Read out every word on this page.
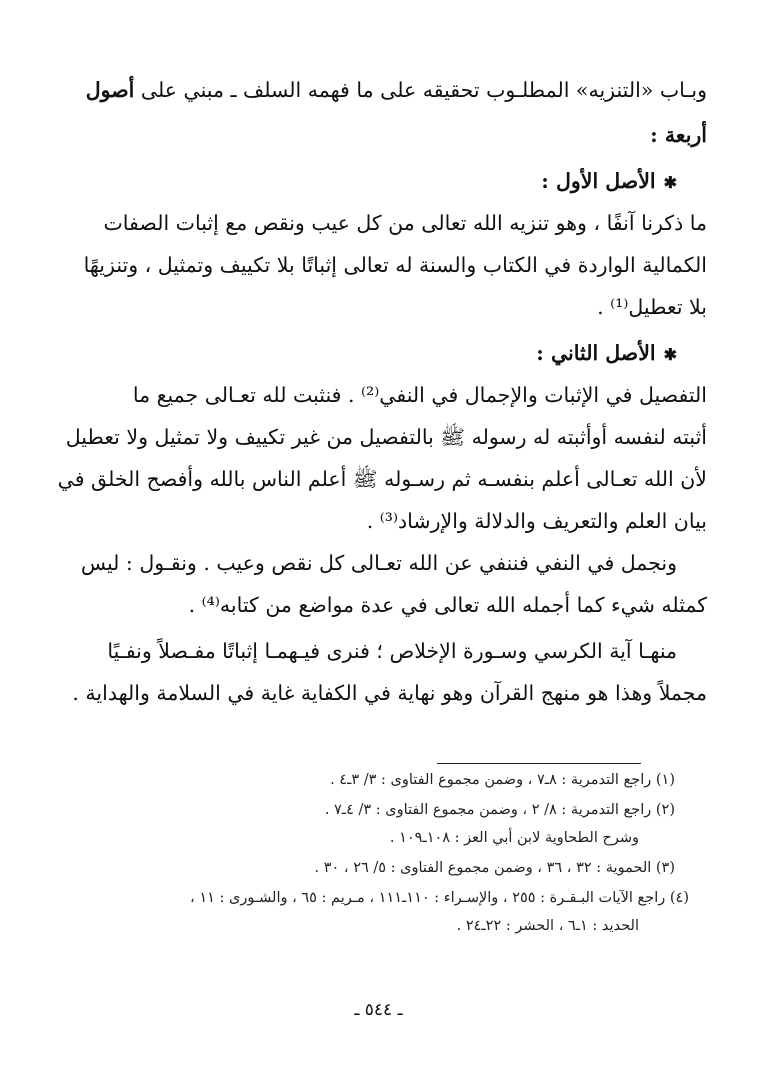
وبـاب «التنزيه» المطلـوب تحقيقه على ما فهمه السلف ـ مبني على أصول
أربعة :
✱الأصل الأول :
ما ذكرنا آنفًا ، وهو تنزيه الله تعالى من كل عيب ونقص مع إثبات الصفات
الكمالية الواردة في الكتاب والسنة له تعالى إثباتًا بلا تكييف وتمثيل ، وتنزيهًا
بلا تعطيل⁽¹⁾ .
✱الأصل الثاني :
التفصيل في الإثبات والإجمال في النفي⁽²⁾ . فنثبت لله تعـالى جميع ما
أثبته لنفسه أوأثبته له رسوله ﷺ بالتفصيل من غير تكييف ولا تمثيل ولا تعطيل
لأن الله تعـالى أعلم بنفسـه ثم رسـوله ﷺ أعلم الناس بالله وأفصح الخلق في
بيان العلم والتعريف والدلالة والإرشاد⁽³⁾ .
ونجمل في النفي فننفي عن الله تعـالى كل نقص وعيب . ونقـول : ليس
كمثله شيء كما أجمله الله تعالى في عدة مواضع من كتابه⁽⁴⁾ .
منهـا آية الكرسي وسـورة الإخلاص ؛ فنرى فيـهمـا إثباتًا مفـصلاً ونفـيًا
مجملاً وهذا هو منهج القرآن وهو نهاية في الكفاية غاية في السلامة والهداية .
(١) راجع التدمرية : ٨ـ٧ ، وضمن مجموع الفتاوى : ٣/ ٣ـ٤ .
(٢) راجع التدمرية : ٨/ ٢ ، وضمن مجموع الفتاوى : ٣/ ٤ـ٧ .
وشرح الطحاوية لابن أبي العز : ١٠٨ـ١٠٩ .
(٣) الحموية : ٣٢ ، ٣٦ ، وضمن مجموع الفتاوى : ٥/ ٢٦ ، ٣٠ .
(٤) راجع الآيات البـقـرة : ٢٥٥ ، والإسـراء : ١١٠ـ١١١ ، مـريم : ٦٥ ، والشـورى : ١١ ،
الحديد : ١ـ٦ ، الحشر : ٢٢ـ٢٤ .
ـ ٥٤٤ ـ
